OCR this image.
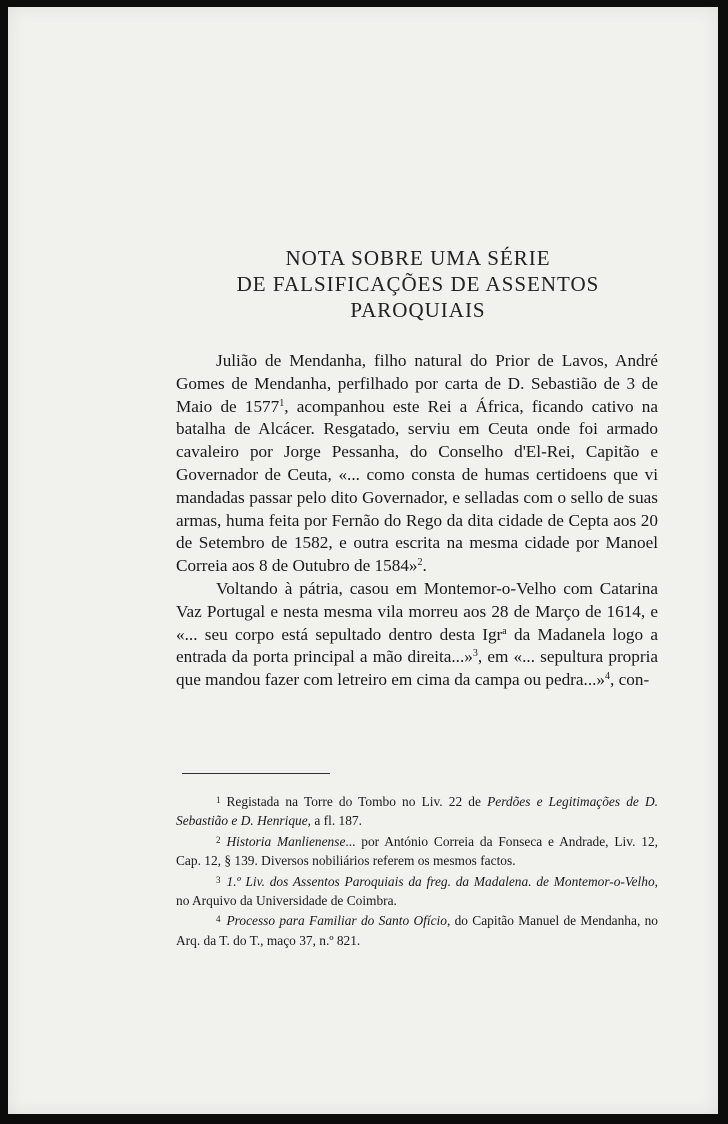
NOTA SOBRE UMA SÉRIE
DE FALSIFICAÇÕES DE ASSENTOS
PAROQUIAIS

Julião de Mendanha, filho natural do Prior de Lavos, André Gomes de Mendanha, perfilhado por carta de D. Sebastião de 3 de Maio de 1577$^1$, acompanhou este Rei a África, ficando cativo na batalha de Alcácer. Resgatado, serviu em Ceuta onde foi armado cavaleiro por Jorge Pessanha, do Conselho d'El-Rei, Capitão e Governador de Ceuta, «... como consta de humas certidoens que vi mandadas passar pelo dito Governador, e selladas com o sello de suas armas, huma feita por Fernão do Rego da dita cidade de Cepta aos 20 de Setembro de 1582, e outra escrita na mesma cidade por Manoel Correia aos 8 de Outubro de 1584»$^2$.

Voltando à pátria, casou em Montemor-o-Velho com Catarina Vaz Portugal e nesta mesma vila morreu aos 28 de Março de 1614, e «... seu corpo está sepultado dentro desta Igr$^a$ da Madanela logo a entrada da porta principal a mão direita...»$^3$, em «... sepultura propria que mandou fazer com letreiro em cima da campa ou pedra...»$^4$, con-

$^1$ Registada na Torre do Tombo no Liv. 22 de Perdões e Legitimações de D. Sebastião e D. Henrique, a fl. 187.

$^2$ Historia Manlienense... por António Correia da Fonseca e Andrade, Liv. 12, Cap. 12, § 139. Diversos nobiliários referem os mesmos factos.

$^3$ 1.º Liv. dos Assentos Paroquiais da freg. da Madalena. de Montemor-o-Velho, no Arquivo da Universidade de Coimbra.

$^4$ Processo para Familiar do Santo Ofício, do Capitão Manuel de Mendanha, no Arq. da T. do T., maço 37, n.º 821.
